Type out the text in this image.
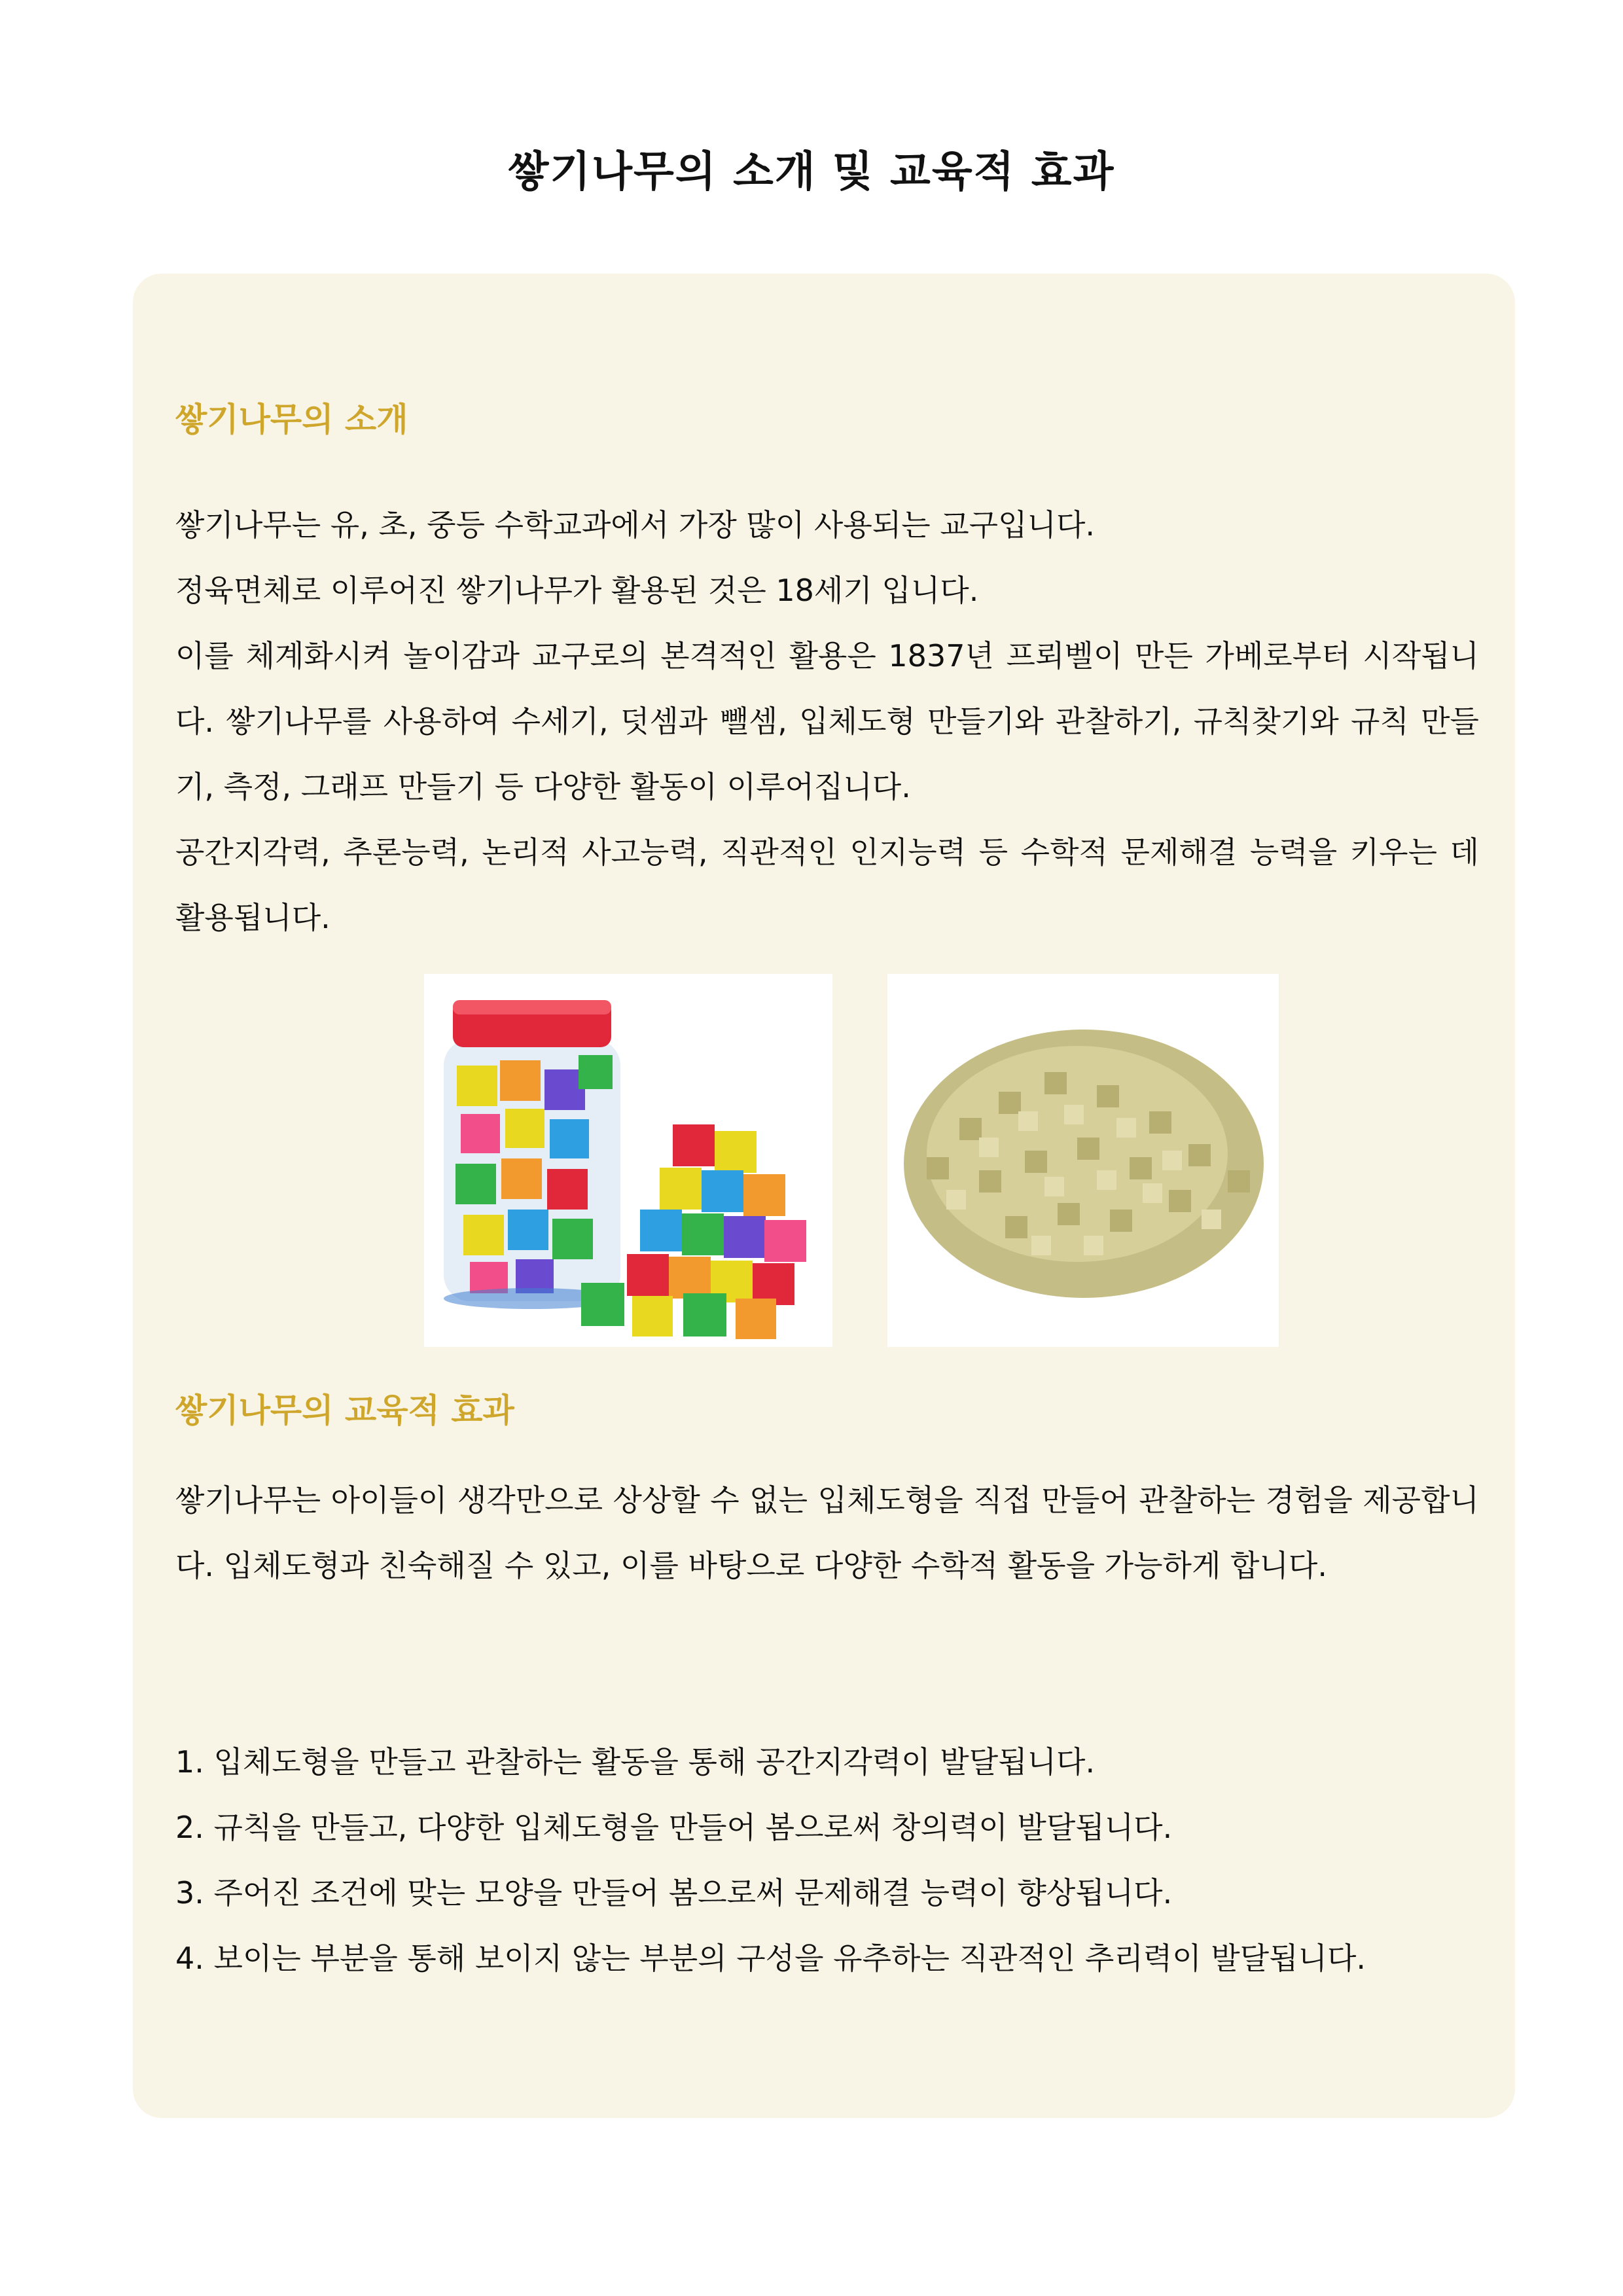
쌓기나무의 소개 및 교육적 효과
쌓기나무의 소개

쌓기나무는 유, 초, 중등 수학교과에서 가장 많이 사용되는 교구입니다.

정육면체로 이루어진 쌓기나무가 활용된 것은 18세기 입니다.

이를 체계화시켜 놀이감과 교구로의 본격적인 활용은 1837년 프뢰벨이 만든 가베로부터 시작됩니다. 쌓기나무를 사용하여 수세기, 덧셈과 뺄셈, 입체도형 만들기와 관찰하기, 규칙찾기와 규칙 만들기, 측정, 그래프 만들기 등 다양한 활동이 이루어집니다.

공간지각력, 추론능력, 논리적 사고능력, 직관적인 인지능력 등 수학적 문제해결 능력을 키우는 데 활용됩니다.

쌓기나무의 교육적 효과

쌓기나무는 아이들이 생각만으로 상상할 수 없는 입체도형을 직접 만들어 관찰하는 경험을 제공합니다. 입체도형과 친숙해질 수 있고, 이를 바탕으로 다양한 수학적 활동을 가능하게 합니다.

1. 입체도형을 만들고 관찰하는 활동을 통해 공간지각력이 발달됩니다.
2. 규칙을 만들고, 다양한 입체도형을 만들어 봄으로써 창의력이 발달됩니다.
3. 주어진 조건에 맞는 모양을 만들어 봄으로써 문제해결 능력이 향상됩니다.
4. 보이는 부분을 통해 보이지 않는 부분의 구성을 유추하는 직관적인 추리력이 발달됩니다.
